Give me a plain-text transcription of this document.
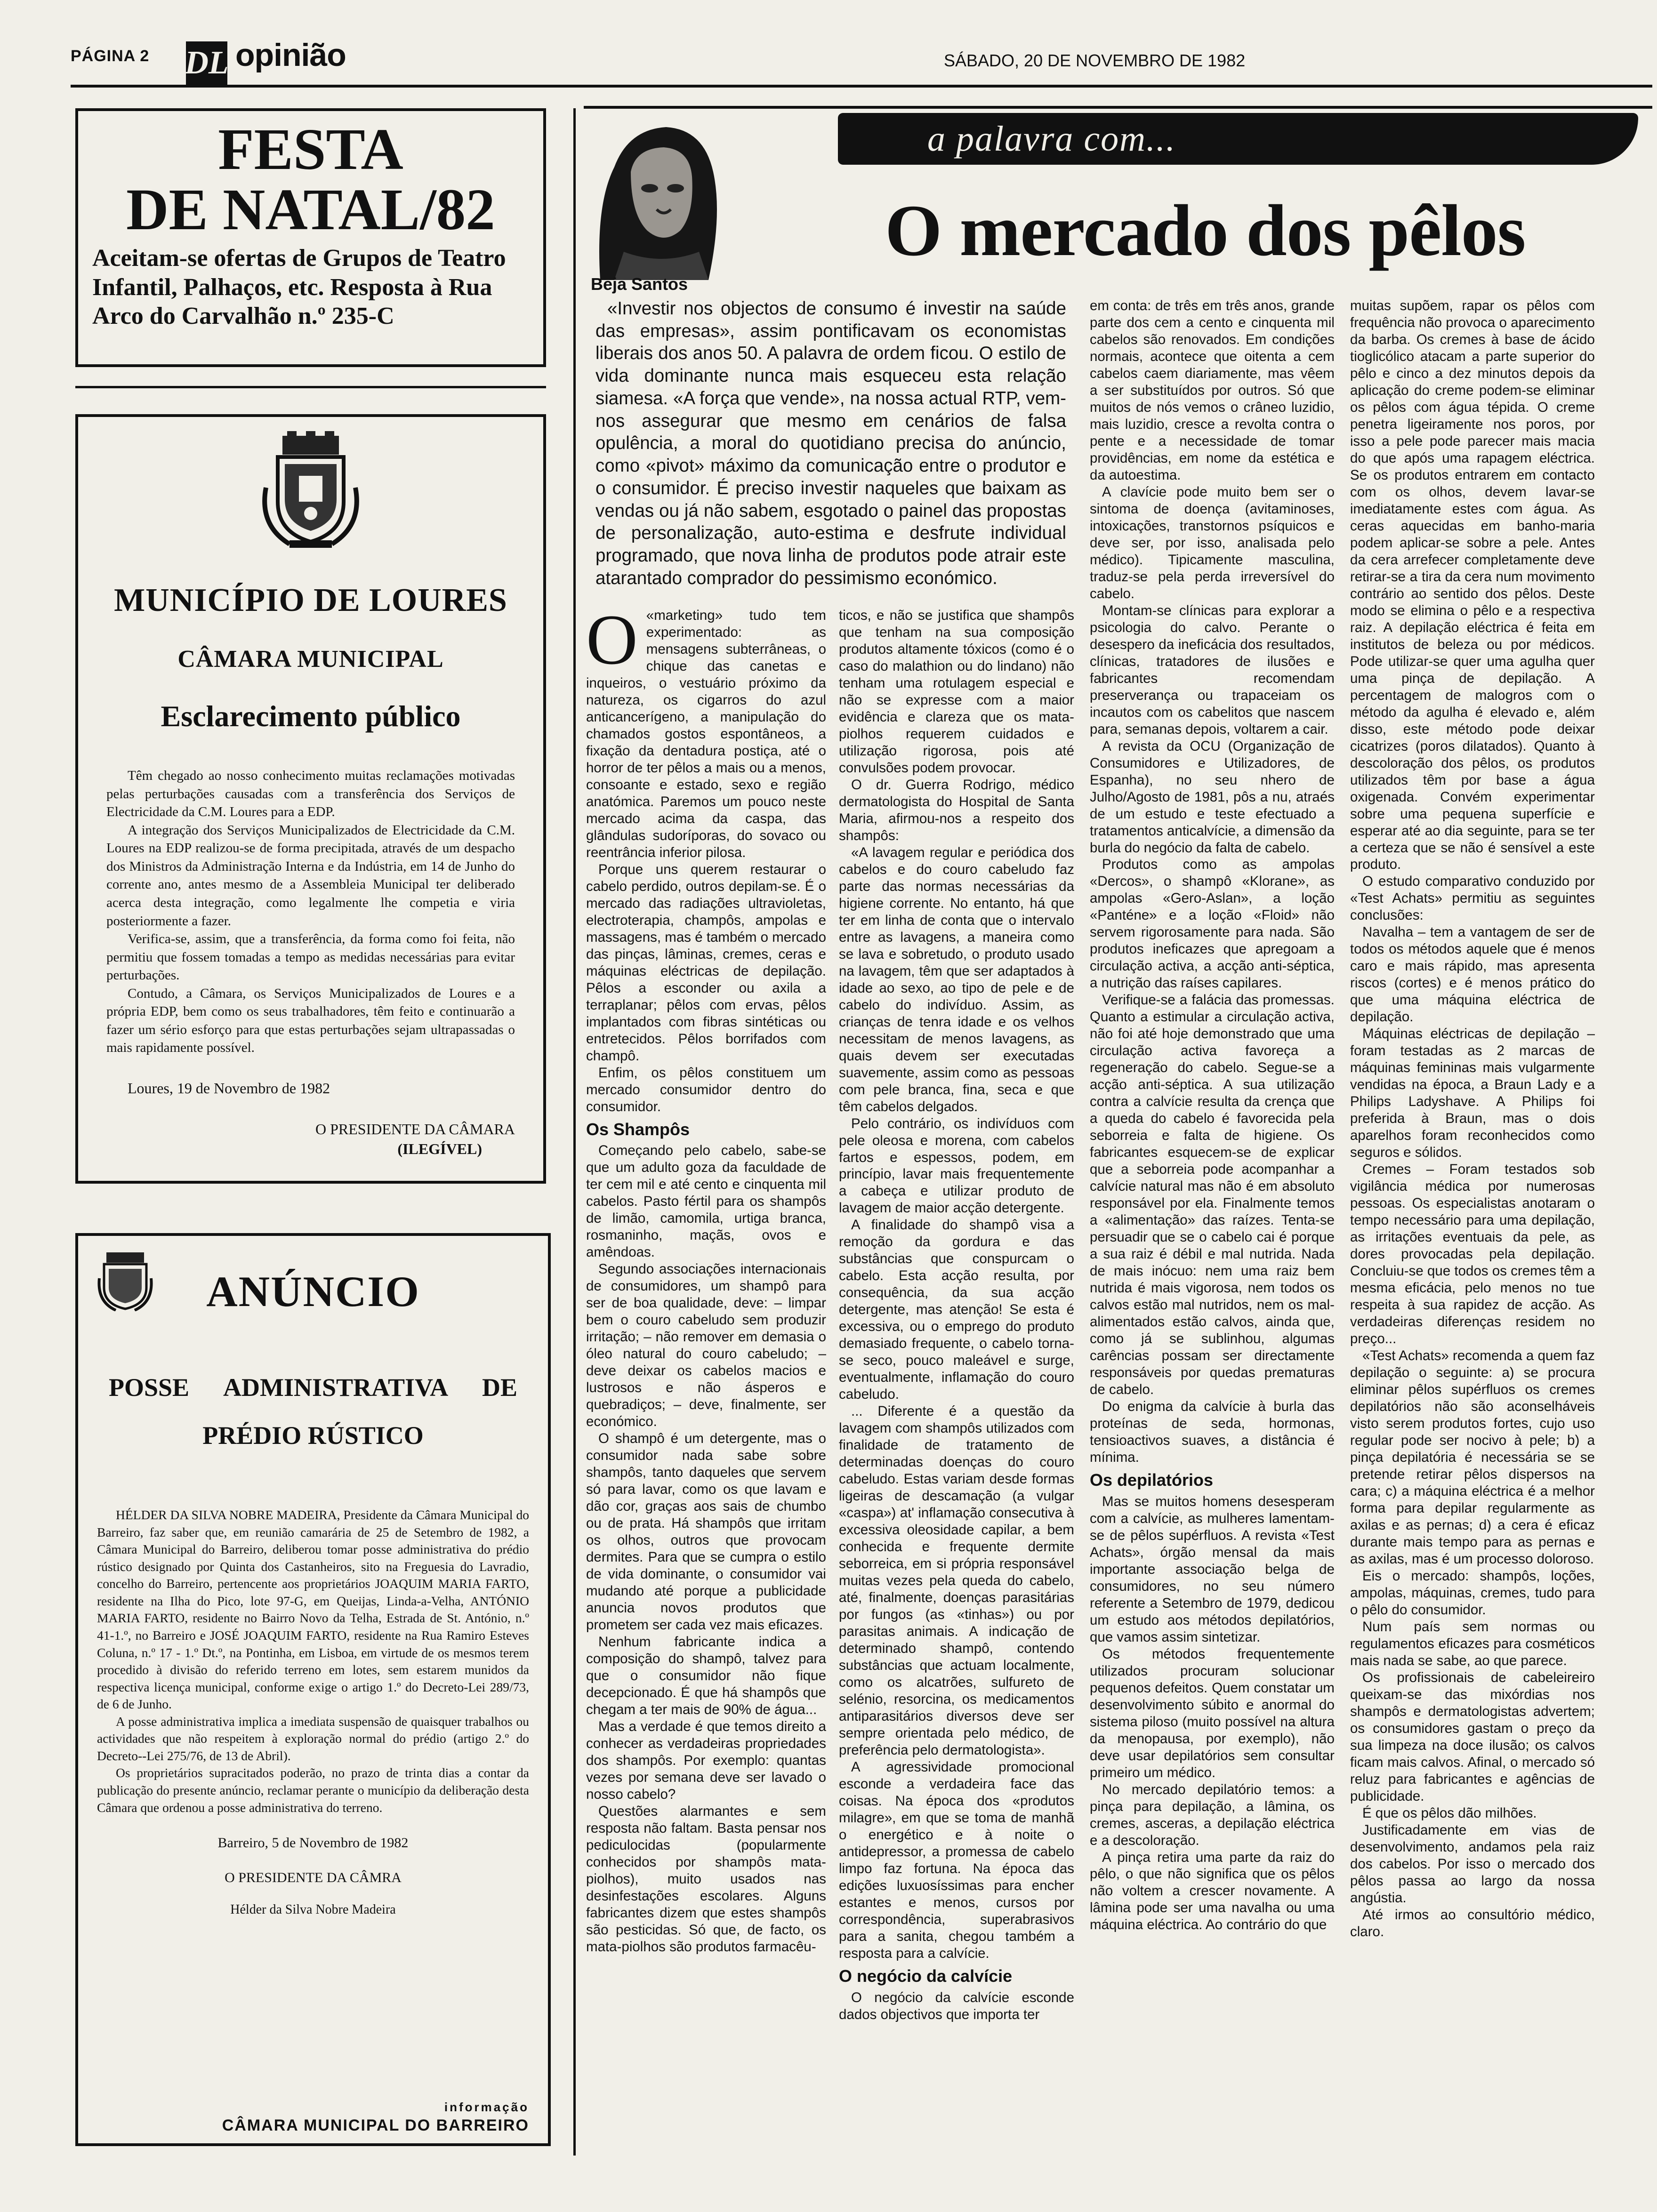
PÁGINA 2 DL opinião	SÁBADO, 20 DE NOVEMBRO DE 1982
FESTA
DE NATAL/82
Aceitam-se ofertas de Grupos de Teatro Infantil, Palhaços, etc. Resposta à Rua Arco do Carvalhão n.º 235-C
MUNICÍPIO DE LOURES
CÂMARA MUNICIPAL
Esclarecimento público

Têm chegado ao nosso conhecimento muitas reclamações motivadas pelas perturbações causadas com a transferência dos Serviços de Electricidade da C.M. Loures para a EDP.

A integração dos Serviços Municipalizados de Electricidade da C.M. Loures na EDP realizou-se de forma precipitada, através de um despacho dos Ministros da Administração Interna e da Indústria, em 14 de Junho do corrente ano, antes mesmo de a Assembleia Municipal ter deliberado acerca desta integração, como legalmente lhe competia e viria posteriormente a fazer.

Verifica-se, assim, que a transferência, da forma como foi feita, não permitiu que fossem tomadas a tempo as medidas necessárias para evitar perturbações.

Contudo, a Câmara, os Serviços Municipalizados de Loures e a própria EDP, bem como os seus trabalhadores, têm feito e continuarão a fazer um sério esforço para que estas perturbações sejam ultrapassadas o mais rapidamente possível.

Loures, 19 de Novembro de 1982
O PRESIDENTE DA CÂMARA
(ILEGÍVEL)
ANÚNCIO
POSSE ADMINISTRATIVA DE
PRÉDIO RÚSTICO

HÉLDER DA SILVA NOBRE MADEIRA, Presidente da Câmara Municipal do Barreiro, faz saber que, em reunião camarária de 25 de Setembro de 1982, a Câmara Municipal do Barreiro, deliberou tomar posse administrativa do prédio rústico designado por Quinta dos Castanheiros, sito na Freguesia do Lavradio, concelho do Barreiro, pertencente aos proprietários JOAQUIM MARIA FARTO, residente na Ilha do Pico, lote 97-G, em Queijas, Linda-a-Velha, ANTÓNIO MARIA FARTO, residente no Bairro Novo da Telha, Estrada de St. António, n.º 41-1.º, no Barreiro e JOSÉ JOAQUIM FARTO, residente na Rua Ramiro Esteves Coluna, n.º 17 - 1.º Dt.º, na Pontinha, em Lisboa, em virtude de os mesmos terem procedido à divisão do referido terreno em lotes, sem estarem munidos da respectiva licença municipal, conforme exige o artigo 1.º do Decreto-Lei 289/73, de 6 de Junho.

A posse administrativa implica a imediata suspensão de quaisquer trabalhos ou actividades que não respeitem à exploração normal do prédio (artigo 2.º do Decreto--Lei 275/76, de 13 de Abril).

Os proprietários supracitados poderão, no prazo de trinta dias a contar da publicação do presente anúncio, reclamar perante o município da deliberação desta Câmara que ordenou a posse administrativa do terreno.

Barreiro, 5 de Novembro de 1982
O PRESIDENTE DA CÂMRA
Hélder da Silva Nobre Madeira
informação
CÂMARA MUNICIPAL DO BARREIRO
Beja Santos
a palavra com...
O mercado dos pêlos
«Investir nos objectos de consumo é investir na saúde das empresas», assim pontificavam os economistas liberais dos anos 50. A palavra de ordem ficou. O estilo de vida dominante nunca mais esqueceu esta relação siamesa. «A força que vende», na nossa actual RTP, vem-nos assegurar que mesmo em cenários de falsa opulência, a moral do quotidiano precisa do anúncio, como «pivot» máximo da comunicação entre o produtor e o consumidor. É preciso investir naqueles que baixam as vendas ou já não sabem, esgotado o painel das propostas de personalização, auto-estima e desfrute individual programado, que nova linha de produtos pode atrair este atarantado comprador do pessimismo económico.
O «marketing» tudo tem experimentado: as mensagens subterrâneas, o chique das canetas e inqueiros, o vestuário próximo da natureza, os cigarros do azul anticancerígeno, a manipulação do chamados gostos espontâneos, a fixação da dentadura postiça, até o horror de ter pêlos a mais ou a menos, consoante e estado, sexo e região anatómica. Paremos um pouco neste mercado acima da caspa, das glândulas sudoríporas, do sovaco ou reentrância inferior pilosa.

Porque uns querem restaurar o cabelo perdido, outros depilam-se. É o mercado das radiações ultravioletas, electroterapia, champôs, ampolas e massagens, mas é também o mercado das pinças, lâminas, cremes, ceras e máquinas eléctricas de depilação. Pêlos a esconder ou axila a terraplanar; pêlos com ervas, pêlos implantados com fibras sintéticas ou entretecidos. Pêlos borrifados com champô.

Enfim, os pêlos constituem um mercado consumidor dentro do consumidor.

Os Shampôs

Começando pelo cabelo, sabe-se que um adulto goza da faculdade de ter cem mil e até cento e cinquenta mil cabelos. Pasto fértil para os shampôs de limão, camomila, urtiga branca, rosmaninho, maçãs, ovos e amêndoas.

Segundo associações internacionais de consumidores, um shampô para ser de boa qualidade, deve: – limpar bem o couro cabeludo sem produzir irritação; – não remover em demasia o óleo natural do couro cabeludo; – deve deixar os cabelos macios e lustrosos e não ásperos e quebradiços; – deve, finalmente, ser económico.

O shampô é um detergente, mas o consumidor nada sabe sobre shampôs, tanto daqueles que servem só para lavar, como os que lavam e dão cor, graças aos sais de chumbo ou de prata. Há shampôs que irritam os olhos, outros que provocam dermites. Para que se cumpra o estilo de vida dominante, o consumidor vai mudando até porque a publicidade anuncia novos produtos que prometem ser cada vez mais eficazes.

Nenhum fabricante indica a composição do shampô, talvez para que o consumidor não fique decepcionado. É que há shampôs que chegam a ter mais de 90% de água...

Mas a verdade é que temos direito a conhecer as verdadeiras propriedades dos shampôs. Por exemplo: quantas vezes por semana deve ser lavado o nosso cabelo?

Questões alarmantes e sem resposta não faltam. Basta pensar nos pediculocidas (popularmente conhecidos por shampôs mata-piolhos), muito usados nas desinfestações escolares. Alguns fabricantes dizem que estes shampôs são pesticidas. Só que, de facto, os mata-piolhos são produtos farmacêu-

ticos, e não se justifica que shampôs que tenham na sua composição produtos altamente tóxicos (como é o caso do malathion ou do lindano) não tenham uma rotulagem especial e não se expresse com a maior evidência e clareza que os mata-piolhos requerem cuidados e utilização rigorosa, pois até convulsões podem provocar.

O dr. Guerra Rodrigo, médico dermatologista do Hospital de Santa Maria, afirmou-nos a respeito dos shampôs:

«A lavagem regular e periódica dos cabelos e do couro cabeludo faz parte das normas necessárias da higiene corrente. No entanto, há que ter em linha de conta que o intervalo entre as lavagens, a maneira como se lava e sobretudo, o produto usado na lavagem, têm que ser adaptados à idade ao sexo, ao tipo de pele e de cabelo do indivíduo. Assim, as crianças de tenra idade e os velhos necessitam de menos lavagens, as quais devem ser executadas suavemente, assim como as pessoas com pele branca, fina, seca e que têm cabelos delgados.

Pelo contrário, os indivíduos com pele oleosa e morena, com cabelos fartos e espessos, podem, em princípio, lavar mais frequentemente a cabeça e utilizar produto de lavagem de maior acção detergente.

A finalidade do shampô visa a remoção da gordura e das substâncias que conspurcam o cabelo. Esta acção resulta, por consequência, da sua acção detergente, mas atenção! Se esta é excessiva, ou o emprego do produto demasiado frequente, o cabelo torna-se seco, pouco maleável e surge, eventualmente, inflamação do couro cabeludo.

... Diferente é a questão da lavagem com shampôs utilizados com finalidade de tratamento de determinadas doenças do couro cabeludo. Estas variam desde formas ligeiras de descamação (a vulgar «caspa») at' inflamação consecutiva à excessiva oleosidade capilar, a bem conhecida e frequente dermite seborreica, em si própria responsável muitas vezes pela queda do cabelo, até, finalmente, doenças parasitárias por fungos (as «tinhas») ou por parasitas animais. A indicação de determinado shampô, contendo substâncias que actuam localmente, como os alcatrões, sulfureto de selénio, resorcina, os medicamentos antiparasitários diversos deve ser sempre orientada pelo médico, de preferência pelo dermatologista».

A agressividade promocional esconde a verdadeira face das coisas. Na época dos «produtos milagre», em que se toma de manhã o energético e à noite o antidepressor, a promessa de cabelo limpo faz fortuna. Na época das edições luxuosíssimas para encher estantes e menos, cursos por correspondência, superabrasivos para a sanita, chegou também a resposta para a calvície.

O negócio da calvície

O negócio da calvície esconde dados objectivos que importa ter

em conta: de três em três anos, grande parte dos cem a cento e cinquenta mil cabelos são renovados. Em condições normais, acontece que oitenta a cem cabelos caem diariamente, mas vêem a ser substituídos por outros. Só que muitos de nós vemos o crâneo luzidio, mais luzidio, cresce a revolta contra o pente e a necessidade de tomar providências, em nome da estética e da autoestima.

A clavície pode muito bem ser o sintoma de doença (avitaminoses, intoxicações, transtornos psíquicos e deve ser, por isso, analisada pelo médico). Tipicamente masculina, traduz-se pela perda irreversível do cabelo.

Montam-se clínicas para explorar a psicologia do calvo. Perante o desespero da ineficácia dos resultados, clínicas, tratadores de ilusões e fabricantes recomendam preserverança ou trapaceiam os incautos com os cabelitos que nascem para, semanas depois, voltarem a cair.

A revista da OCU (Organização de Consumidores e Utilizadores, de Espanha), no seu nhero de Julho/Agosto de 1981, pôs a nu, atraés de um estudo e teste efectuado a tratamentos anticalvície, a dimensão da burla do negócio da falta de cabelo.

Produtos como as ampolas «Dercos», o shampô «Klorane», as ampolas «Gero-Aslan», a loção «Panténe» e a loção «Floid» não servem rigorosamente para nada. São produtos ineficazes que apregoam a circulação activa, a acção anti-séptica, a nutrição das raíses capilares.

Verifique-se a falácia das promessas. Quanto a estimular a circulação activa, não foi até hoje demonstrado que uma circulação activa favoreça a regeneração do cabelo. Segue-se a acção anti-séptica. A sua utilização contra a calvície resulta da crença que a queda do cabelo é favorecida pela seborreia e falta de higiene. Os fabricantes esquecem-se de explicar que a seborreia pode acompanhar a calvície natural mas não é em absoluto responsável por ela. Finalmente temos a «alimentação» das raízes. Tenta-se persuadir que se o cabelo cai é porque a sua raiz é débil e mal nutrida. Nada de mais inócuo: nem uma raiz bem nutrida é mais vigorosa, nem todos os calvos estão mal nutridos, nem os mal-alimentados estão calvos, ainda que, como já se sublinhou, algumas carências possam ser directamente responsáveis por quedas prematuras de cabelo.

Do enigma da calvície à burla das proteínas de seda, hormonas, tensioactivos suaves, a distância é mínima.

Os depilatórios

Mas se muitos homens desesperam com a calvície, as mulheres lamentam-se de pêlos supérfluos. A revista «Test Achats», órgão mensal da mais importante associação belga de consumidores, no seu número referente a Setembro de 1979, dedicou um estudo aos métodos depilatórios, que vamos assim sintetizar.

Os métodos frequentemente utilizados procuram solucionar pequenos defeitos. Quem constatar um desenvolvimento súbito e anormal do sistema piloso (muito possível na altura da menopausa, por exemplo), não deve usar depilatórios sem consultar primeiro um médico.

No mercado depilatório temos: a pinça para depilação, a lâmina, os cremes, asceras, a depilação eléctrica e a descoloração.

A pinça retira uma parte da raiz do pêlo, o que não significa que os pêlos não voltem a crescer novamente. A lâmina pode ser uma navalha ou uma máquina eléctrica. Ao contrário do que

muitas supõem, rapar os pêlos com frequência não provoca o aparecimento da barba. Os cremes à base de ácido tioglicólico atacam a parte superior do pêlo e cinco a dez minutos depois da aplicação do creme podem-se eliminar os pêlos com água tépida. O creme penetra ligeiramente nos poros, por isso a pele pode parecer mais macia do que após uma rapagem eléctrica. Se os produtos entrarem em contacto com os olhos, devem lavar-se imediatamente estes com água. As ceras aquecidas em banho-maria podem aplicar-se sobre a pele. Antes da cera arrefecer completamente deve retirar-se a tira da cera num movimento contrário ao sentido dos pêlos. Deste modo se elimina o pêlo e a respectiva raiz. A depilação eléctrica é feita em institutos de beleza ou por médicos. Pode utilizar-se quer uma agulha quer uma pinça de depilação. A percentagem de malogros com o método da agulha é elevado e, além disso, este método pode deixar cicatrizes (poros dilatados). Quanto à descoloração dos pêlos, os produtos utilizados têm por base a água oxigenada. Convém experimentar sobre uma pequena superfície e esperar até ao dia seguinte, para se ter a certeza que se não é sensível a este produto.

O estudo comparativo conduzido por «Test Achats» permitiu as seguintes conclusões:

Navalha – tem a vantagem de ser de todos os métodos aquele que é menos caro e mais rápido, mas apresenta riscos (cortes) e é menos prático do que uma máquina eléctrica de depilação.

Máquinas eléctricas de depilação – foram testadas as 2 marcas de máquinas femininas mais vulgarmente vendidas na época, a Braun Lady e a Philips Ladyshave. A Philips foi preferida à Braun, mas o dois aparelhos foram reconhecidos como seguros e sólidos.

Cremes – Foram testados sob vigilância médica por numerosas pessoas. Os especialistas anotaram o tempo necessário para uma depilação, as irritações eventuais da pele, as dores provocadas pela depilação. Concluiu-se que todos os cremes têm a mesma eficácia, pelo menos no tue respeita à sua rapidez de acção. As verdadeiras diferenças residem no preço...

«Test Achats» recomenda a quem faz depilação o seguinte: a) se procura eliminar pêlos supérfluos os cremes depilatórios não são aconselháveis visto serem produtos fortes, cujo uso regular pode ser nocivo à pele; b) a pinça depilatória é necessária se se pretende retirar pêlos dispersos na cara; c) a máquina eléctrica é a melhor forma para depilar regularmente as axilas e as pernas; d) a cera é eficaz durante mais tempo para as pernas e as axilas, mas é um processo doloroso.

Eis o mercado: shampôs, loções, ampolas, máquinas, cremes, tudo para o pêlo do consumidor.

Num país sem normas ou regulamentos eficazes para cosméticos mais nada se sabe, ao que parece.

Os profissionais de cabeleireiro queixam-se das mixórdias nos shampôs e dermatologistas advertem; os consumidores gastam o preço da sua limpeza na doce ilusão; os calvos ficam mais calvos. Afinal, o mercado só reluz para fabricantes e agências de publicidade.

É que os pêlos dão milhões.

Justificadamente em vias de desenvolvimento, andamos pela raiz dos cabelos. Por isso o mercado dos pêlos passa ao largo da nossa angústia.

Até irmos ao consultório médico, claro.
